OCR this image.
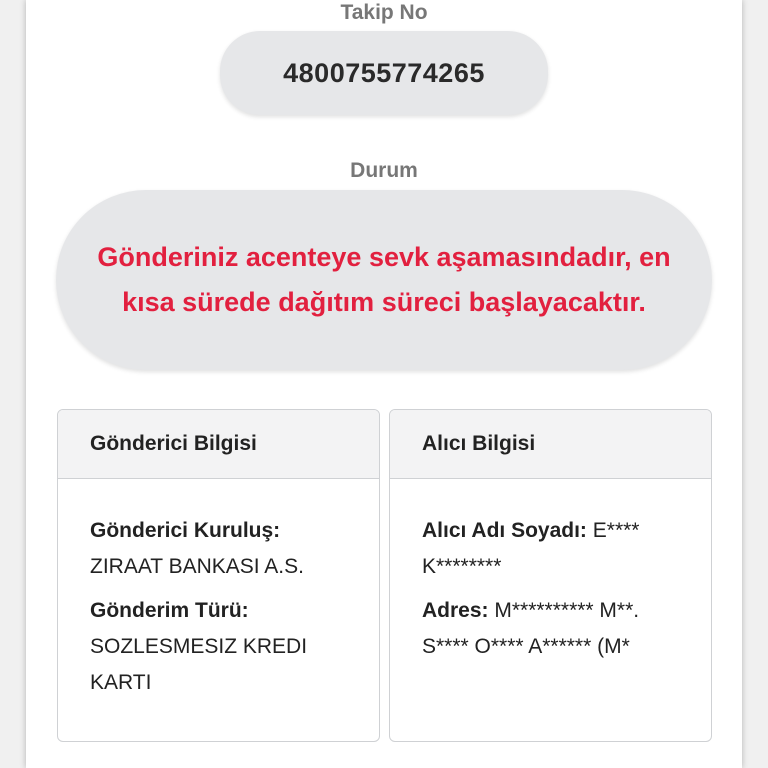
Takip No
4800755774265
Durum
Gönderiniz acenteye sevk aşamasındadır, en kısa sürede dağıtım süreci başlayacaktır.
Gönderici Bilgisi
Gönderici Kuruluş:
ZIRAAT BANKASI A.S.
Gönderim Türü:
SOZLESMESIZ KREDI KARTI
Alıcı Bilgisi
Alıcı Adı Soyadı: E**** K********
Adres: M********** M**. S**** O**** A****** (M*
